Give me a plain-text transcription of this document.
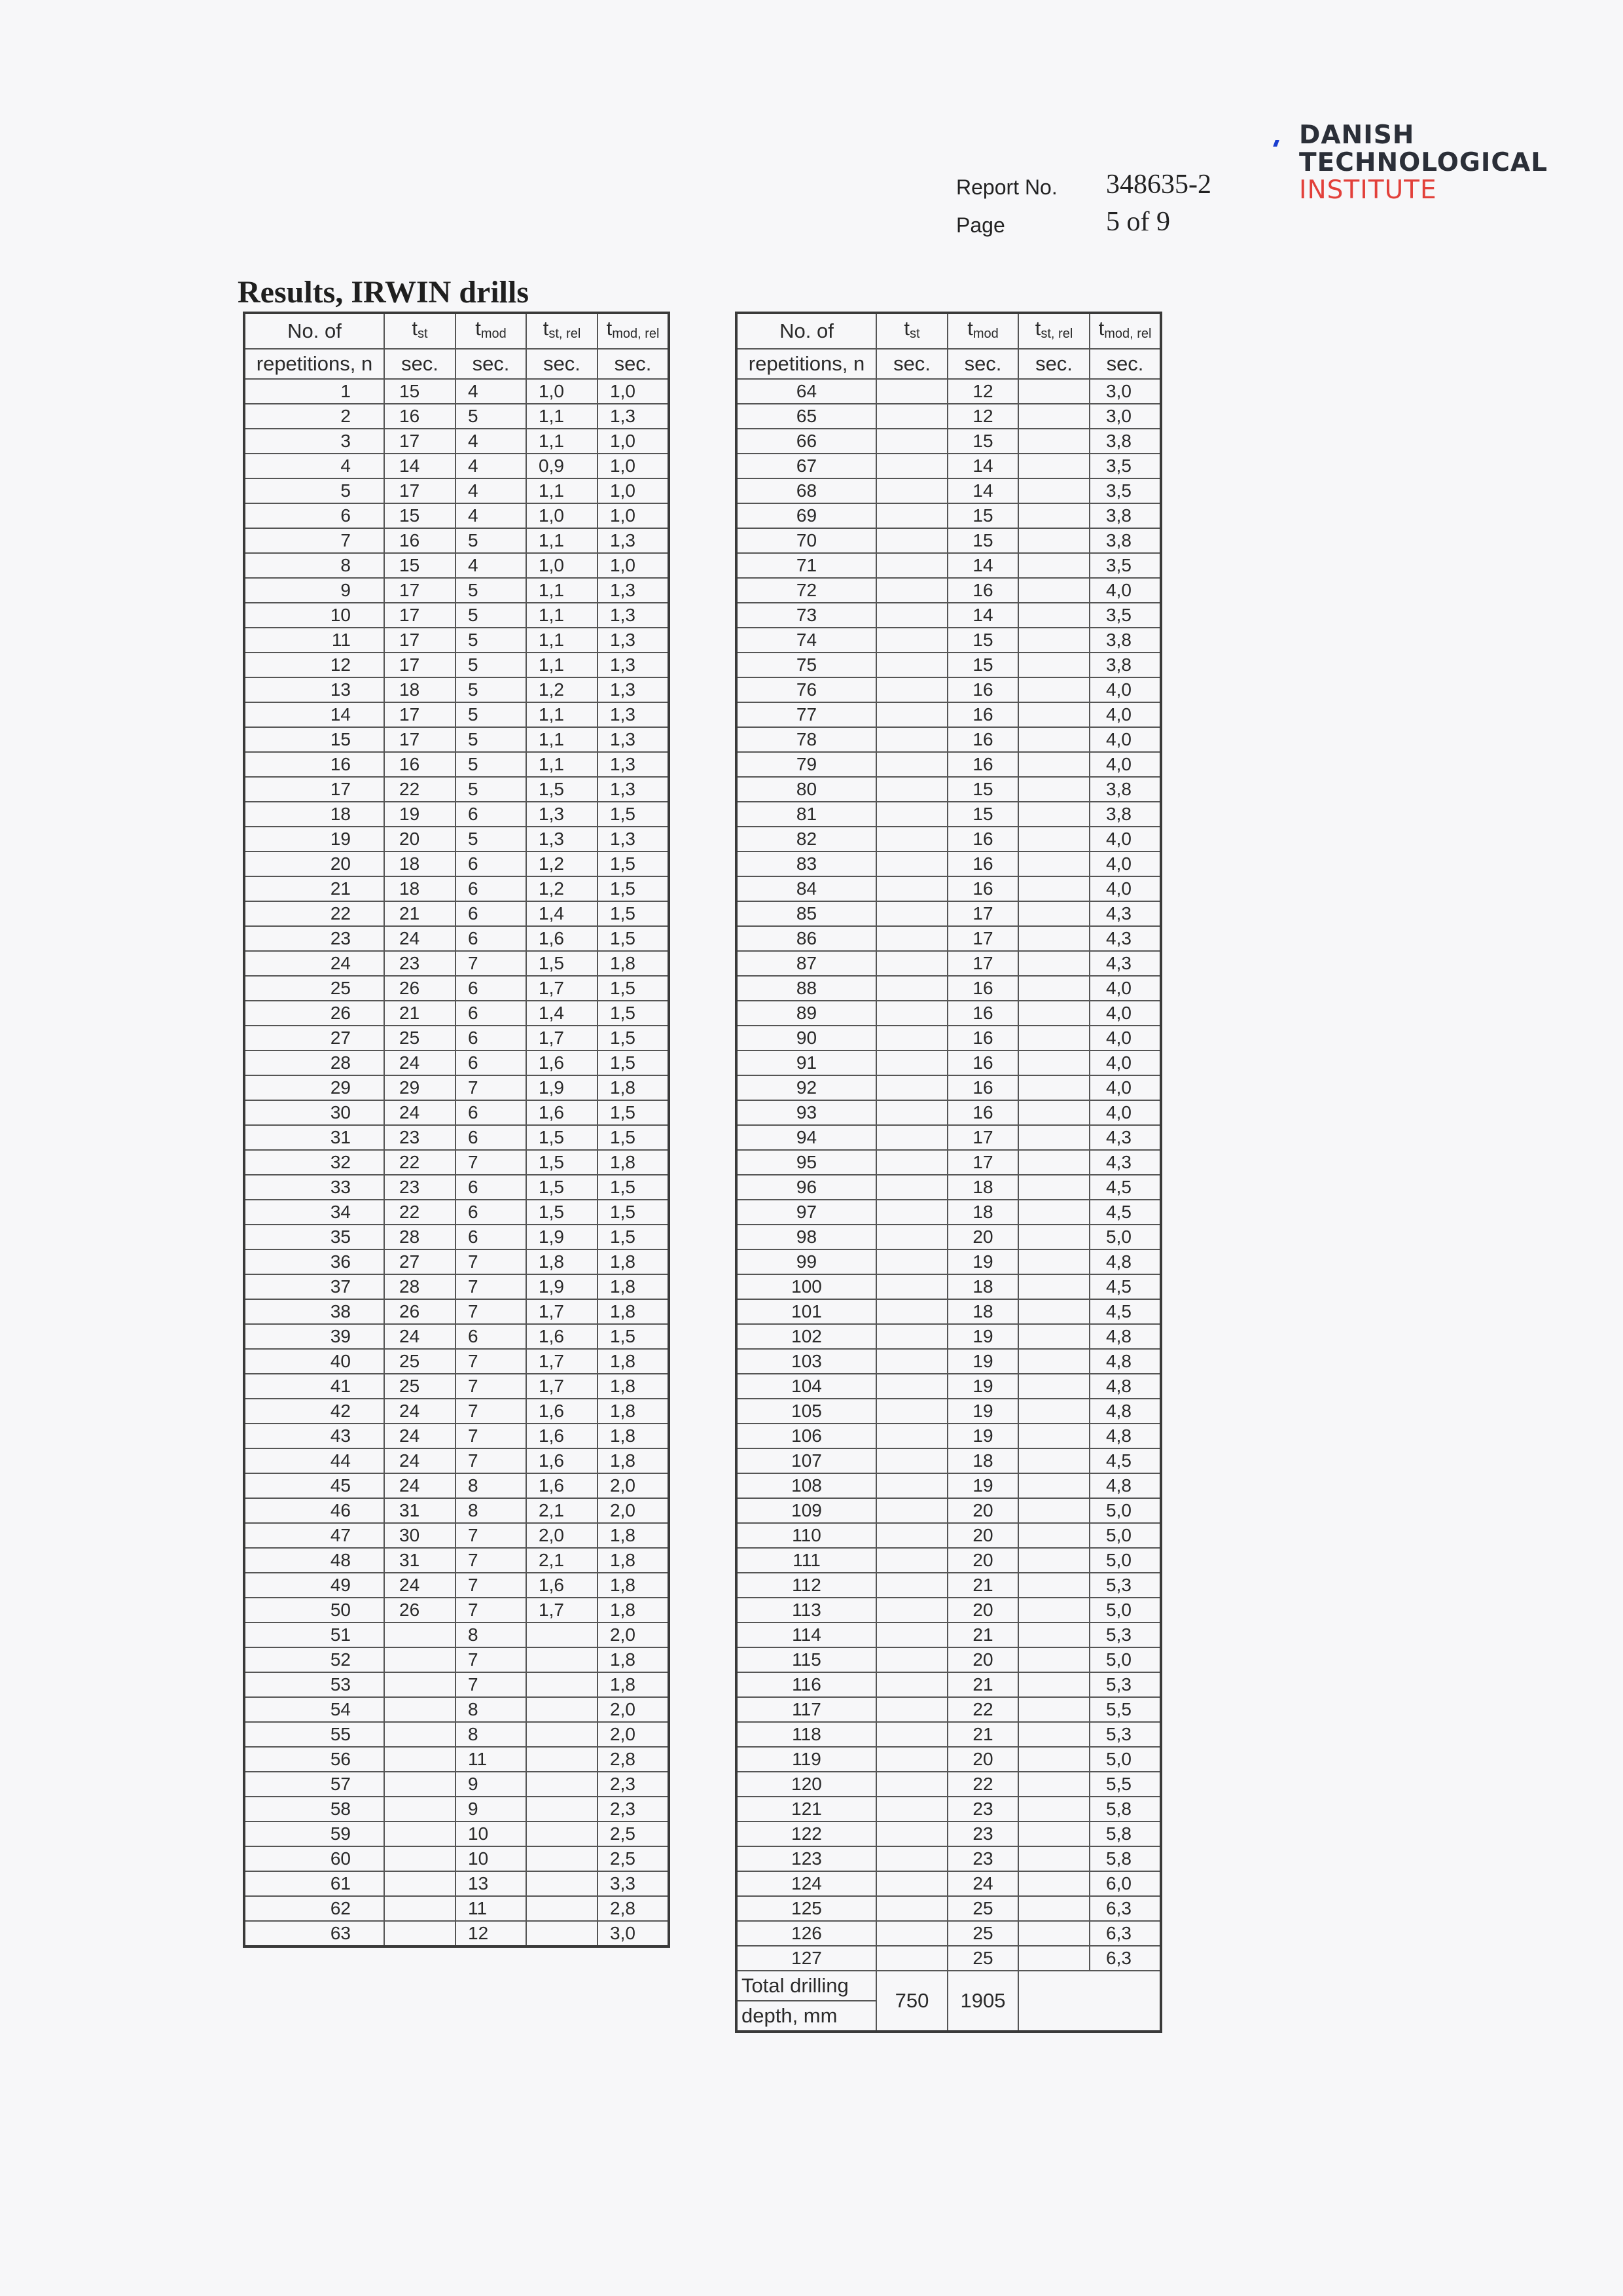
DANISH
TECHNOLOGICAL
INSTITUTE
Report No. 348635-2
Page	5 of 9
Results, IRWIN drills
No. of	$t_{st}$	$t_{mod}$	$t_{st, rel}$	$t_{mod, rel}$
repetitions, n	sec.	sec.	sec.	sec.
1	15	4	1,0	1,0
2	16	5	1,1	1,3
3	17	4	1,1	1,0
4	14	4	0,9	1,0
5	17	4	1,1	1,0
6	15	4	1,0	1,0
7	16	5	1,1	1,3
8	15	4	1,0	1,0
9	17	5	1,1	1,3
10	17	5	1,1	1,3
11	17	5	1,1	1,3
12	17	5	1,1	1,3
13	18	5	1,2	1,3
14	17	5	1,1	1,3
15	17	5	1,1	1,3
16	16	5	1,1	1,3
17	22	5	1,5	1,3
18	19	6	1,3	1,5
19	20	5	1,3	1,3
20	18	6	1,2	1,5
21	18	6	1,2	1,5
22	21	6	1,4	1,5
23	24	6	1,6	1,5
24	23	7	1,5	1,8
25	26	6	1,7	1,5
26	21	6	1,4	1,5
27	25	6	1,7	1,5
28	24	6	1,6	1,5
29	29	7	1,9	1,8
30	24	6	1,6	1,5
31	23	6	1,5	1,5
32	22	7	1,5	1,8
33	23	6	1,5	1,5
34	22	6	1,5	1,5
35	28	6	1,9	1,5
36	27	7	1,8	1,8
37	28	7	1,9	1,8
38	26	7	1,7	1,8
39	24	6	1,6	1,5
40	25	7	1,7	1,8
41	25	7	1,7	1,8
42	24	7	1,6	1,8
43	24	7	1,6	1,8
44	24	7	1,6	1,8
45	24	8	1,6	2,0
46	31	8	2,1	2,0
47	30	7	2,0	1,8
48	31	7	2,1	1,8
49	24	7	1,6	1,8
50	26	7	1,7	1,8
51		8		2,0
52		7		1,8
53		7		1,8
54		8		2,0
55		8		2,0
56		11		2,8
57		9		2,3
58		9		2,3
59		10		2,5
60		10		2,5
61		13		3,3
62		11		2,8
63		12		3,0
No. of	$t_{st}$	$t_{mod}$	$t_{st, rel}$	$t_{mod, rel}$
repetitions, n	sec.	sec.	sec.	sec.
64		12		3,0
65		12		3,0
66		15		3,8
67		14		3,5
68		14		3,5
69		15		3,8
70		15		3,8
71		14		3,5
72		16		4,0
73		14		3,5
74		15		3,8
75		15		3,8
76		16		4,0
77		16		4,0
78		16		4,0
79		16		4,0
80		15		3,8
81		15		3,8
82		16		4,0
83		16		4,0
84		16		4,0
85		17		4,3
86		17		4,3
87		17		4,3
88		16		4,0
89		16		4,0
90		16		4,0
91		16		4,0
92		16		4,0
93		16		4,0
94		17		4,3
95		17		4,3
96		18		4,5
97		18		4,5
98		20		5,0
99		19		4,8
100		18		4,5
101		18		4,5
102		19		4,8
103		19		4,8
104		19		4,8
105		19		4,8
106		19		4,8
107		18		4,5
108		19		4,8
109		20		5,0
110		20		5,0
111		20		5,0
112		21		5,3
113		20		5,0
114		21		5,3
115		20		5,0
116		21		5,3
117		22		5,5
118		21		5,3
119		20		5,0
120		22		5,5
121		23		5,8
122		23		5,8
123		23		5,8
124		24		6,0
125		25		6,3
126		25		6,3
127		25		6,3
Total drilling	750	1905		
depth, mm				
